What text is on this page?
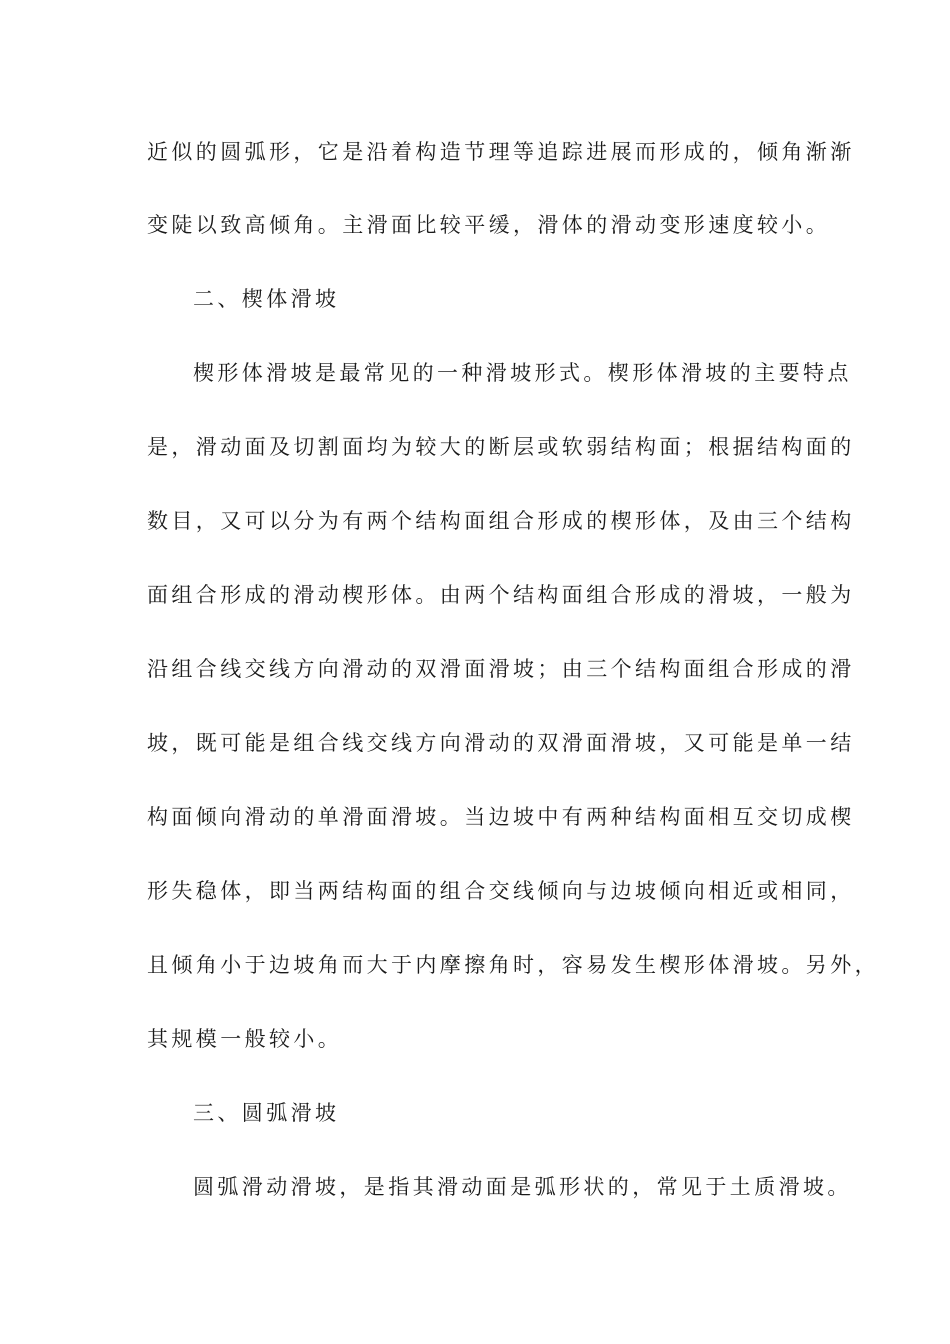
近似的圆弧形，它是沿着构造节理等追踪进展而形成的，倾角渐渐
变陡以致高倾角。主滑面比较平缓，滑体的滑动变形速度较小。
二、楔体滑坡
楔形体滑坡是最常见的一种滑坡形式。楔形体滑坡的主要特点
是，滑动面及切割面均为较大的断层或软弱结构面；根据结构面的
数目，又可以分为有两个结构面组合形成的楔形体，及由三个结构
面组合形成的滑动楔形体。由两个结构面组合形成的滑坡，一般为
沿组合线交线方向滑动的双滑面滑坡；由三个结构面组合形成的滑
坡，既可能是组合线交线方向滑动的双滑面滑坡，又可能是单一结
构面倾向滑动的单滑面滑坡。当边坡中有两种结构面相互交切成楔
形失稳体，即当两结构面的组合交线倾向与边坡倾向相近或相同，
且倾角小于边坡角而大于内摩擦角时，容易发生楔形体滑坡。另外，
其规模一般较小。
三、圆弧滑坡
圆弧滑动滑坡，是指其滑动面是弧形状的，常见于土质滑坡。
